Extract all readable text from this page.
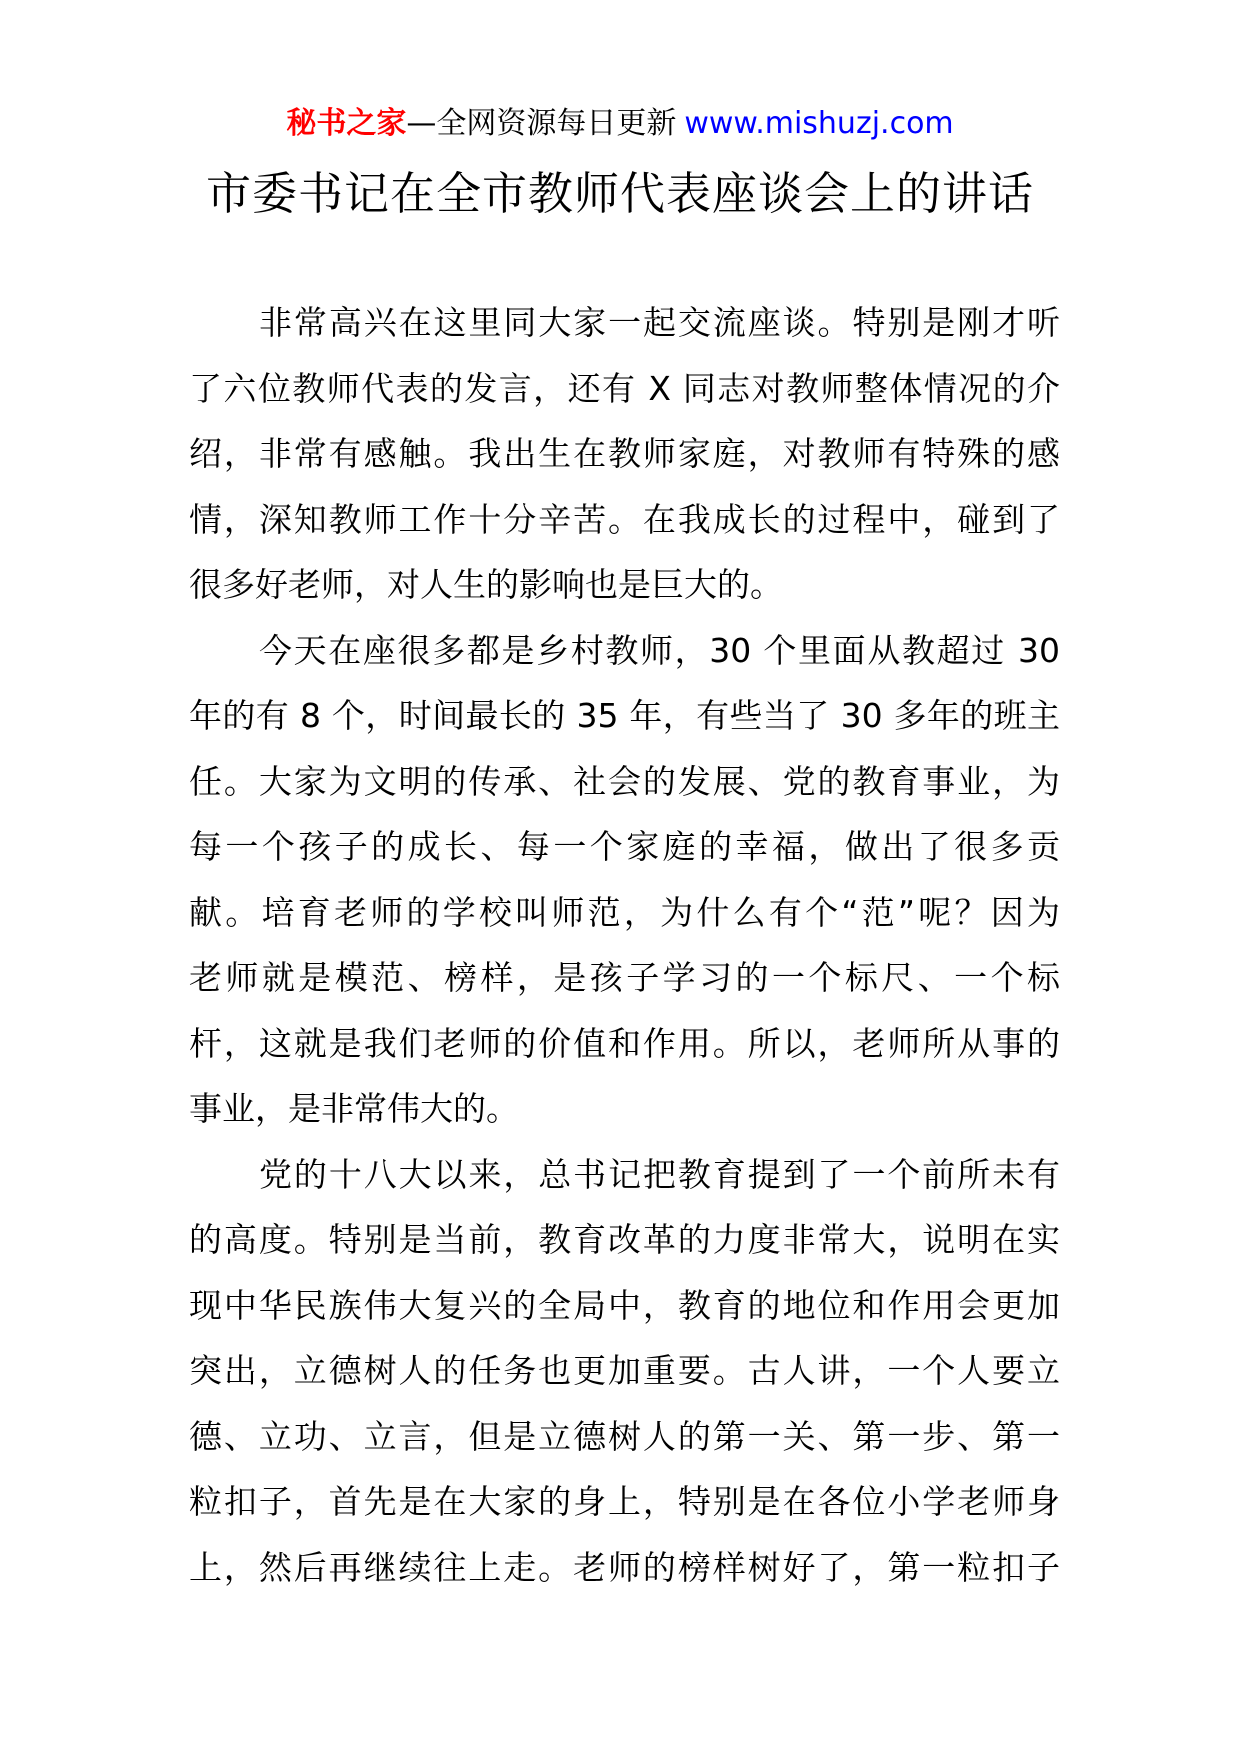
秘书之家—全网资源每日更新 www.mishuzj.com
市委书记在全市教师代表座谈会上的讲话
非常高兴在这里同大家一起交流座谈。特别是刚才听
了六位教师代表的发言，还有 X 同志对教师整体情况的介
绍，非常有感触。我出生在教师家庭，对教师有特殊的感
情，深知教师工作十分辛苦。在我成长的过程中，碰到了
很多好老师，对人生的影响也是巨大的。
今天在座很多都是乡村教师，30 个里面从教超过 30
年的有 8 个，时间最长的 35 年，有些当了 30 多年的班主
任。大家为文明的传承、社会的发展、党的教育事业，为
每一个孩子的成长、每一个家庭的幸福，做出了很多贡
献。培育老师的学校叫师范，为什么有个“范”呢？因为
老师就是模范、榜样，是孩子学习的一个标尺、一个标
杆，这就是我们老师的价值和作用。所以，老师所从事的
事业，是非常伟大的。
党的十八大以来，总书记把教育提到了一个前所未有
的高度。特别是当前，教育改革的力度非常大，说明在实
现中华民族伟大复兴的全局中，教育的地位和作用会更加
突出，立德树人的任务也更加重要。古人讲，一个人要立
德、立功、立言，但是立德树人的第一关、第一步、第一
粒扣子，首先是在大家的身上，特别是在各位小学老师身
上，然后再继续往上走。老师的榜样树好了，第一粒扣子
